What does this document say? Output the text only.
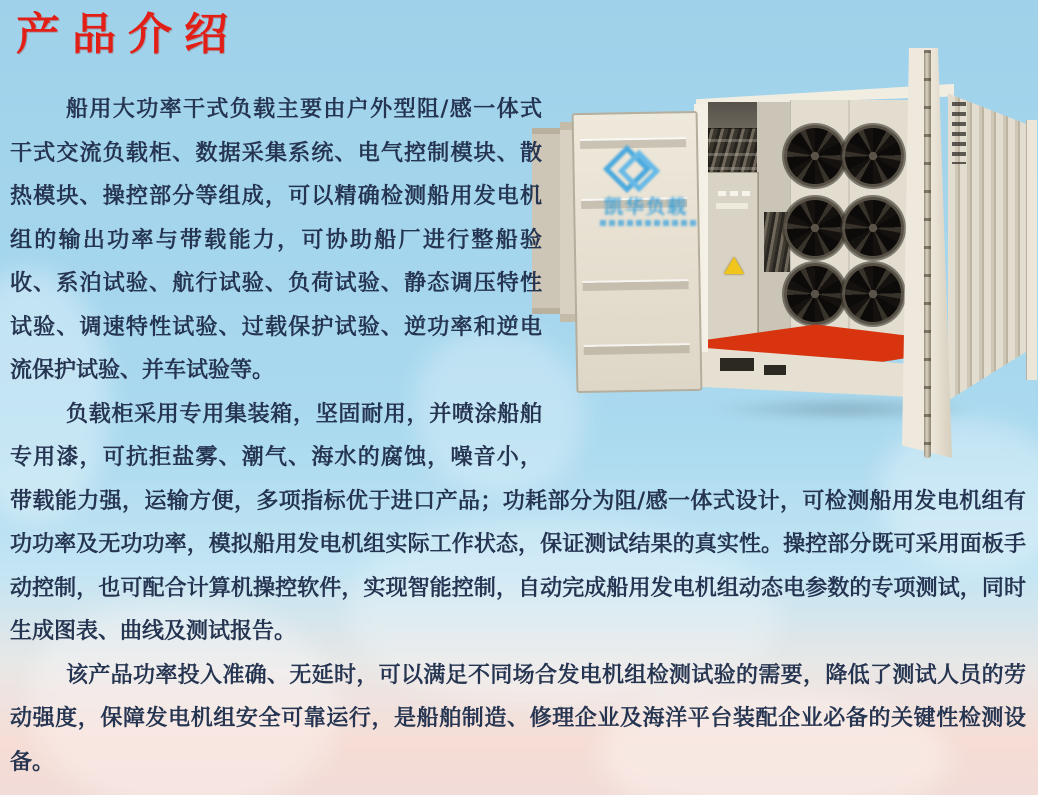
产品介绍
凯华负载
船用大功率干式负载主要由户外型阻/感一体式
干式交流负载柜、数据采集系统、电气控制模块、散
热模块、操控部分等组成，可以精确检测船用发电机
组的输出功率与带载能力，可协助船厂进行整船验
收、系泊试验、航行试验、负荷试验、静态调压特性
试验、调速特性试验、过载保护试验、逆功率和逆电
流保护试验、并车试验等。
负载柜采用专用集装箱，坚固耐用，并喷涂船舶
专用漆，可抗拒盐雾、潮气、海水的腐蚀，噪音小，
带载能力强，运输方便，多项指标优于进口产品；功耗部分为阻/感一体式设计，可检测船用发电机组有
功功率及无功功率，模拟船用发电机组实际工作状态，保证测试结果的真实性。操控部分既可采用面板手
动控制，也可配合计算机操控软件，实现智能控制，自动完成船用发电机组动态电参数的专项测试，同时
生成图表、曲线及测试报告。
该产品功率投入准确、无延时，可以满足不同场合发电机组检测试验的需要，降低了测试人员的劳
动强度，保障发电机组安全可靠运行，是船舶制造、修理企业及海洋平台装配企业必备的关键性检测设
备。
